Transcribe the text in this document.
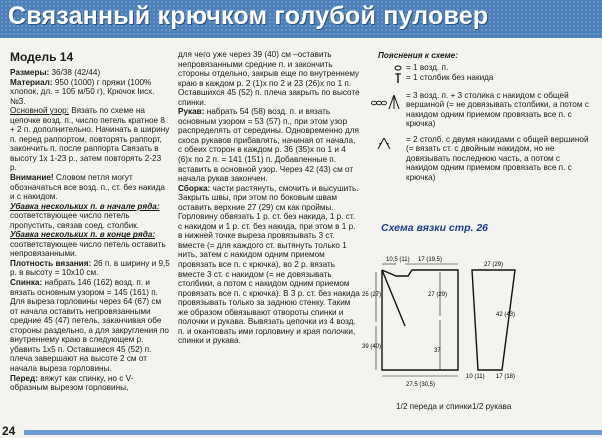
Связанный крючком голубой пуловер

Модель 14

Размеры: 36/38 (42/44)

Материал: 950 (1000) г пряжи (100% хлопок, дл. = 105 м/50 г), Крючок Іисх.№3.

Основной узор: Вязать по схеме на цепочке возд. п., число петель кратное 8 + 2 п. дополнительно. Начинать в ширину п. перед раппортом, повторять раппорт, закончить п. после раппорта Связать в высоту 1x 1-23 р., затем повторять 2-23 р.

Внимание! Словом петля могут обозначаться все возд. п., ст. без накида и с накидом.

Убавка нескольких п. в начале ряда: соответствующее число петель пропустить, связав соед. столбик.

Убавка нескольких п. в конце ряда: соответствующее число петель оставить непровязанными.

Плотность вязания: 26 п. в ширину и 9,5 р. в высоту = 10x10 см.

Спинка: набрать 146 (162) возд. п. и вязать основным узором = 145 (161) п. Для выреза горловины через 64 (67) см от начала оставить непровязанными средние 45 (47) петель, заканчивая обе стороны раздельно, а для закругления по внутреннему краю в следующем р. убавить 1x5 п. Оставшиеся 45 (52) п. плеча завершают на высоте 2 см от начала выреза горловины.

Перед: вяжут как спинку, но с V-образным вырезом горловины,

для чего уже через 39 (40) см –оставить непровязанными средние п. и закончить стороны отдельно, закрыв еще по внутреннему краю в каждом р. 2 (1)x по 2 и 23 (26)x по 1 п. Оставшихся 45 (52) п. плеча закрыть по высоте спинки.

Рукав: набрать 54 (58) возд. п. и вязать основным узором = 53 (57) п., при этом узор распределять от середины. Одновременно для скоса рукавов прибавлять, начиная от начала, с обеих сторон в каждом р. 36 (35)x по 1 и 4 (6)x по 2 п. = 141 (151) п. Добавленные п. вставить в основной узор. Через 42 (43) см от начала рукав закончен.

Сборка: части растянуть, смочить и высушить. Закрыть швы, при этом по боковым швам оставить верхние 27 (29) см как проймы. Горловину обвязать 1 р. ст. без накида, 1 р. ст. с накидом и 1 р. ст. без накида, при этом в 1 р. в нижней точке выреза провязывать 3 ст. вместе (= для каждого ст. вытянуть только 1 нить, затем с накидом одним приемом провязать все п. с крючка), во 2 р. вязать вместе 3 ст. с накидом (= не довязывать столбики, а потом с накидом одним приемом провязать все п. с крючка). В 3 р. ст. без накида провязывать только за заднюю стенку. Таким же образом обвязывают отвороты спинки и полочки и рукава. Вывязать цепочки из 4 возд. п. и окантовать ими горловину и края полочки, спинки и рукава.

Пояснения к схеме:

= 1 возд. п.
= 1 столбик без накида
= 3 возд. п. + 3 столика с накидом с общей вершиной (= не довязывать столбики, а потом с накидом одним приемом провязать все п. с крючка)
= 2 столб. с двумя накидами с общей вершиной (= вязать ст. с двойным накидом, но не довязывать последнюю часть, а потом с накидом одним приемом провязать все п. с крючка)
Схема вязки стр. 26
10,5 (11) 17 (19,5)
25 (27)
39 (40)
27 (29)
37
27,5 (30,5)
27 (29)
42 (43)
10 (11) 17 (18)
1/2 переда и спинки 1/2 рукава
24
